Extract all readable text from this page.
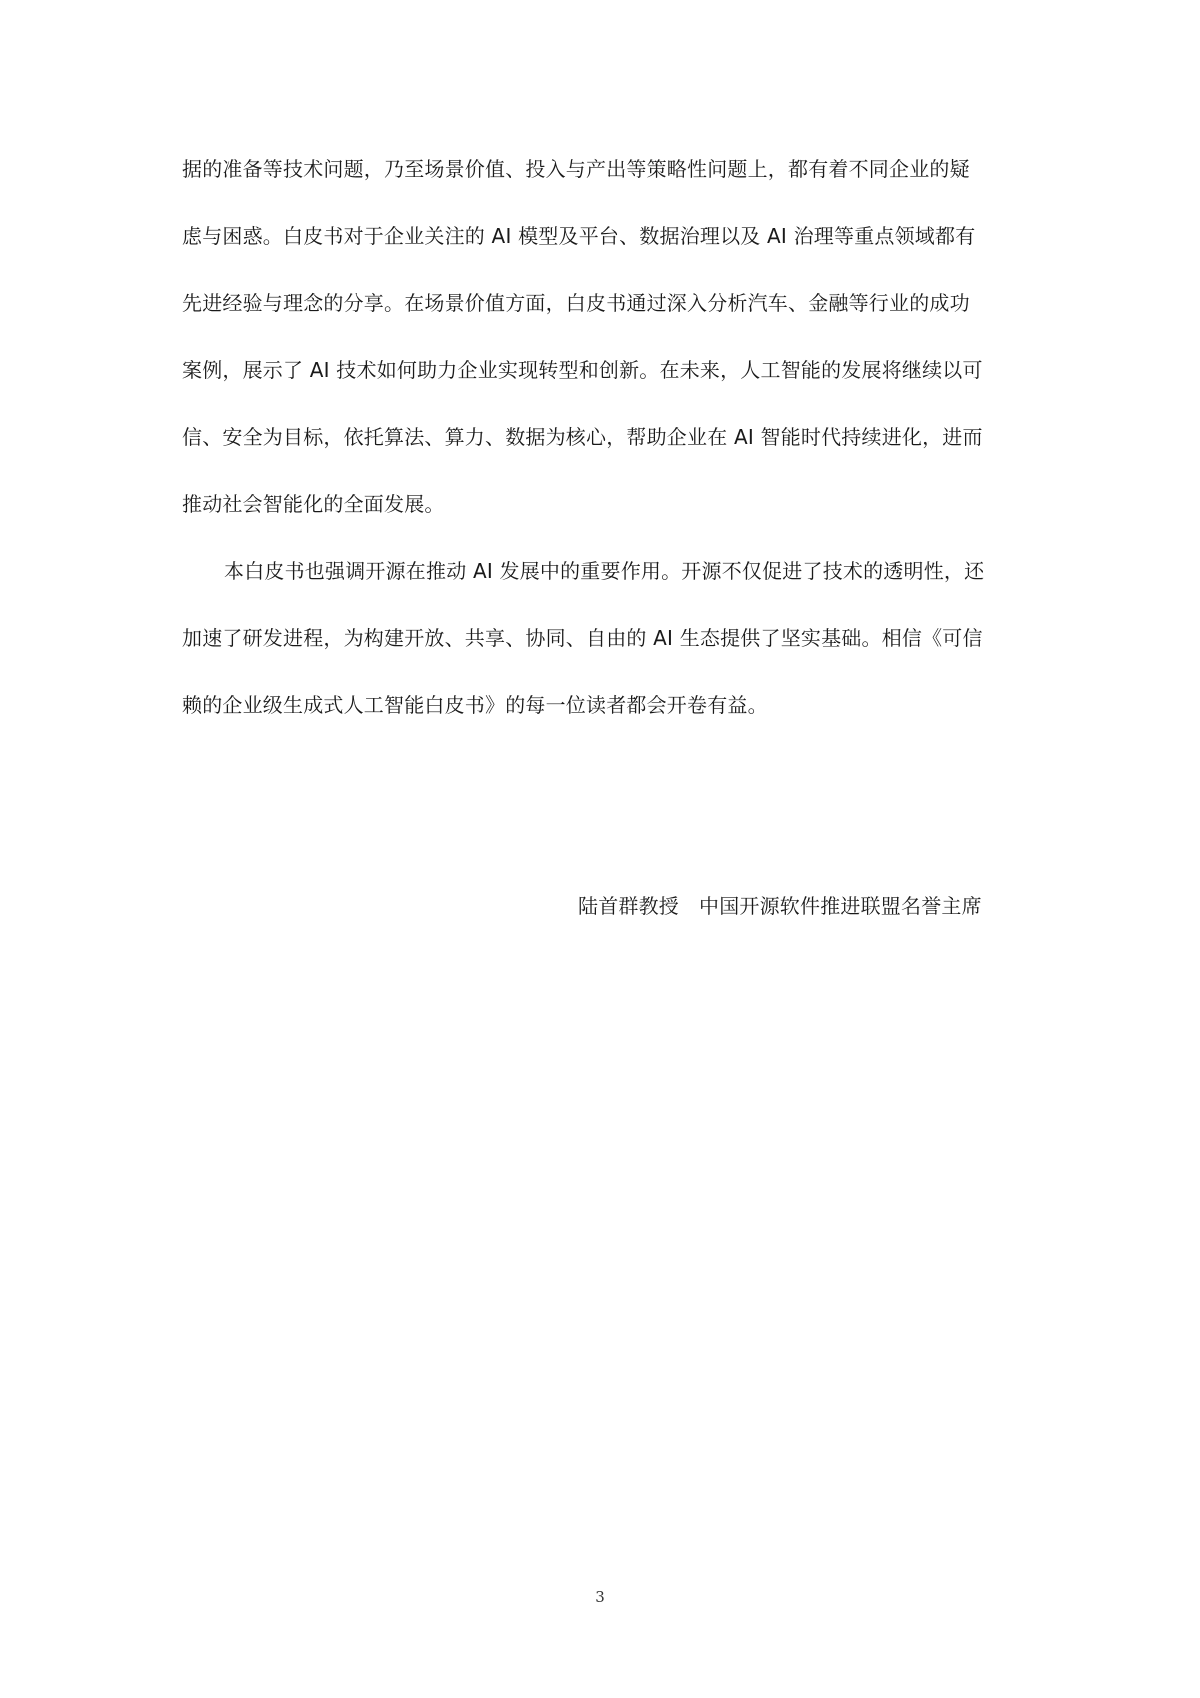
据的准备等技术问题，乃至场景价值、投入与产出等策略性问题上，都有着不同企业的疑
虑与困惑。白皮书对于企业关注的 AI 模型及平台、数据治理以及 AI 治理等重点领域都有
先进经验与理念的分享。在场景价值方面，白皮书通过深入分析汽车、金融等行业的成功
案例，展示了 AI 技术如何助力企业实现转型和创新。在未来，人工智能的发展将继续以可
信、安全为目标，依托算法、算力、数据为核心，帮助企业在 AI 智能时代持续进化，进而
推动社会智能化的全面发展。
本白皮书也强调开源在推动 AI 发展中的重要作用。开源不仅促进了技术的透明性，还
加速了研发进程，为构建开放、共享、协同、自由的 AI 生态提供了坚实基础。相信《可信
赖的企业级生成式人工智能白皮书》的每一位读者都会开卷有益。
陆首群教授 中国开源软件推进联盟名誉主席
3
